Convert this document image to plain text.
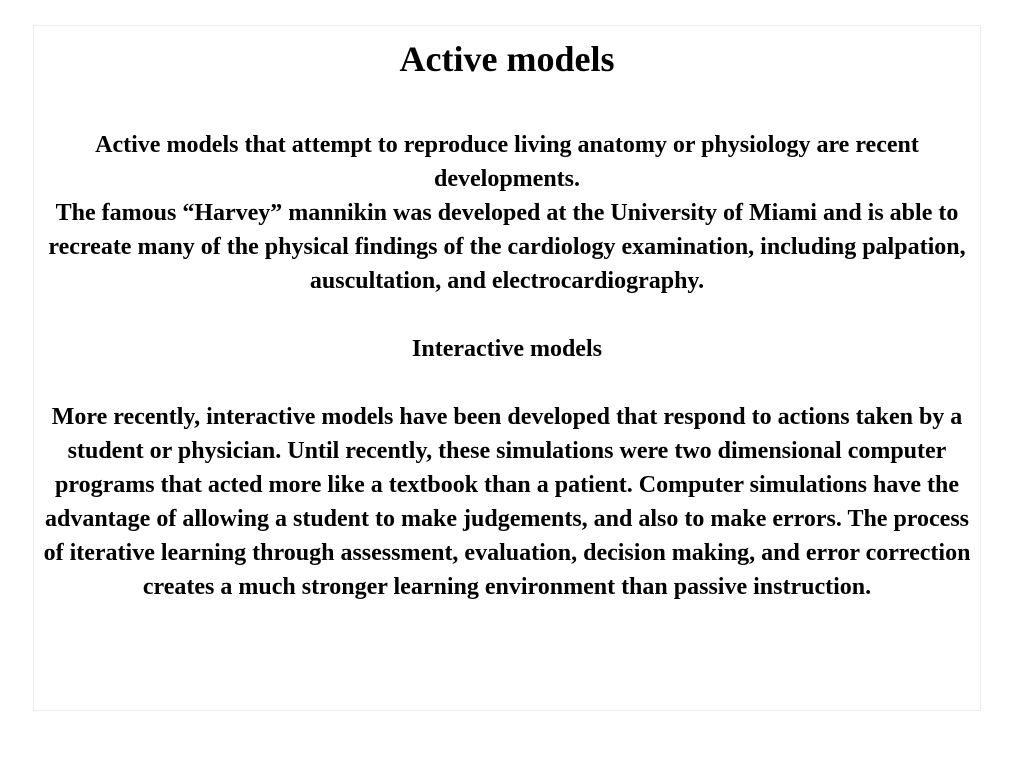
Active models

Active models that attempt to reproduce living anatomy or physiology are recent developments.

The famous “Harvey” mannikin was developed at the University of Miami and is able to recreate many of the physical findings of the cardiology examination, including palpation, auscultation, and electrocardiography.

Interactive models

More recently, interactive models have been developed that respond to actions taken by a student or physician. Until recently, these simulations were two dimensional computer programs that acted more like a textbook than a patient. Computer simulations have the advantage of allowing a student to make judgements, and also to make errors. The process of iterative learning through assessment, evaluation, decision making, and error correction creates a much stronger learning environment than passive instruction.
